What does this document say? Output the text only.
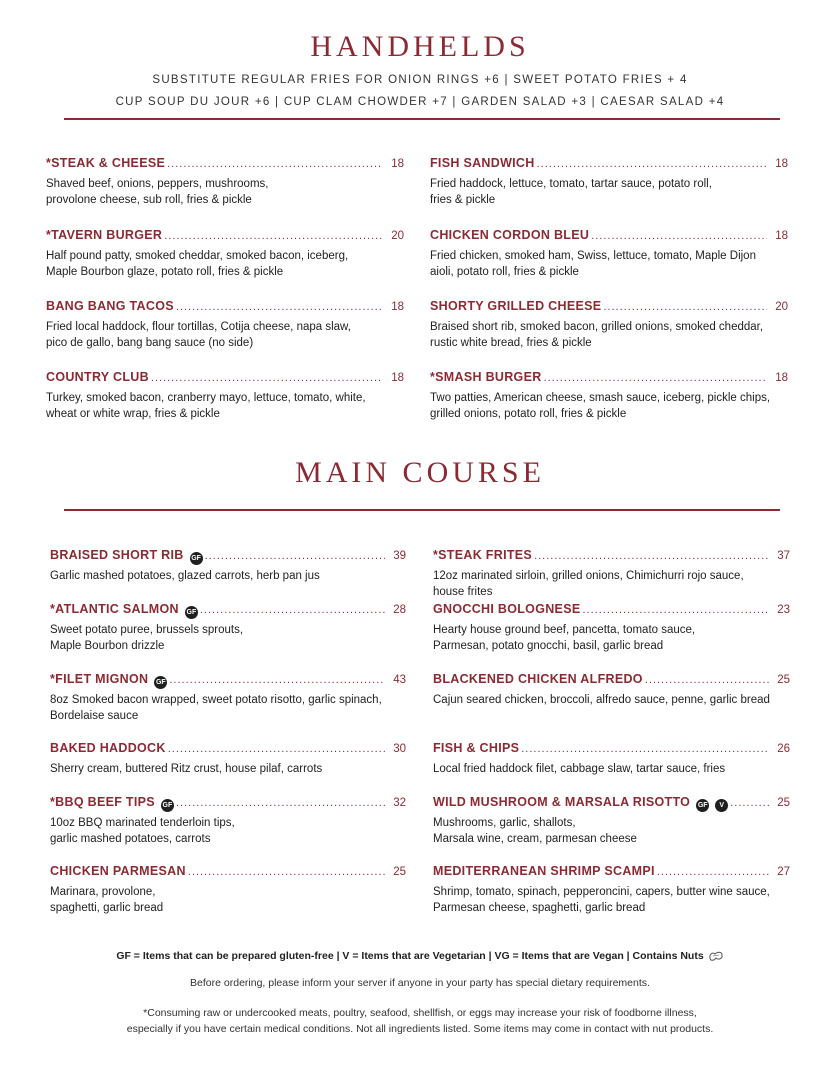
HANDHELDS
SUBSTITUTE REGULAR FRIES FOR ONION RINGS +6 | SWEET POTATO FRIES + 4
CUP SOUP DU JOUR +6 | CUP CLAM CHOWDER +7 | GARDEN SALAD +3 | CAESAR SALAD +4
*STEAK & CHEESE .....	18
Shaved beef, onions, peppers, mushrooms,
provolone cheese, sub roll, fries & pickle
*TAVERN BURGER .....	20
Half pound patty, smoked cheddar, smoked bacon, iceberg,
Maple Bourbon glaze, potato roll, fries & pickle
BANG BANG TACOS .....	18
Fried local haddock, flour tortillas, Cotija cheese, napa slaw,
pico de gallo, bang bang sauce (no side)
COUNTRY CLUB .....	18
Turkey, smoked bacon, cranberry mayo, lettuce, tomato, white,
wheat or white wrap, fries & pickle
FISH SANDWICH .....	18
Fried haddock, lettuce, tomato, tartar sauce, potato roll,
fries & pickle
CHICKEN CORDON BLEU .....	18
Fried chicken, smoked ham, Swiss, lettuce, tomato, Maple Dijon
aioli, potato roll, fries & pickle
SHORTY GRILLED CHEESE .....	20
Braised short rib, smoked bacon, grilled onions, smoked cheddar,
rustic white bread, fries & pickle
*SMASH BURGER .....	18
Two patties, American cheese, smash sauce, iceberg, pickle chips,
grilled onions, potato roll, fries & pickle
MAIN COURSE
BRAISED SHORT RIB GF .....	39
Garlic mashed potatoes, glazed carrots, herb pan jus
*ATLANTIC SALMON GF .....	28
Sweet potato puree, brussels sprouts,
Maple Bourbon drizzle
*FILET MIGNON GF .....	43
8oz Smoked bacon wrapped, sweet potato risotto, garlic spinach,
Bordelaise sauce
BAKED HADDOCK .....	30
Sherry cream, buttered Ritz crust, house pilaf, carrots
*BBQ BEEF TIPS GF .....	32
10oz BBQ marinated tenderloin tips,
garlic mashed potatoes, carrots
CHICKEN PARMESAN .....	25
Marinara, provolone,
spaghetti, garlic bread
*STEAK FRITES .....	37
12oz marinated sirloin, grilled onions, Chimichurri rojo sauce,
house frites
GNOCCHI BOLOGNESE .....	23
Hearty house ground beef, pancetta, tomato sauce,
Parmesan, potato gnocchi, basil, garlic bread
BLACKENED CHICKEN ALFREDO .....	25
Cajun seared chicken, broccoli, alfredo sauce, penne, garlic bread
FISH & CHIPS .....	26
Local fried haddock filet, cabbage slaw, tartar sauce, fries
WILD MUSHROOM & MARSALA RISOTTO GF	V .....	25
Mushrooms, garlic, shallots,
Marsala wine, cream, parmesan cheese
MEDITERRANEAN SHRIMP SCAMPI .....	27
Shrimp, tomato, spinach, pepperoncini, capers, butter wine sauce,
Parmesan cheese, spaghetti, garlic bread
GF = Items that can be prepared gluten-free | V = Items that are Vegetarian | VG = Items that are Vegan | Contains Nuts
Before ordering, please inform your server if anyone in your party has special dietary requirements.
*Consuming raw or undercooked meats, poultry, seafood, shellfish, or eggs may increase your risk of foodborne illness,
especially if you have certain medical conditions. Not all ingredients listed. Some items may come in contact with nut products.
